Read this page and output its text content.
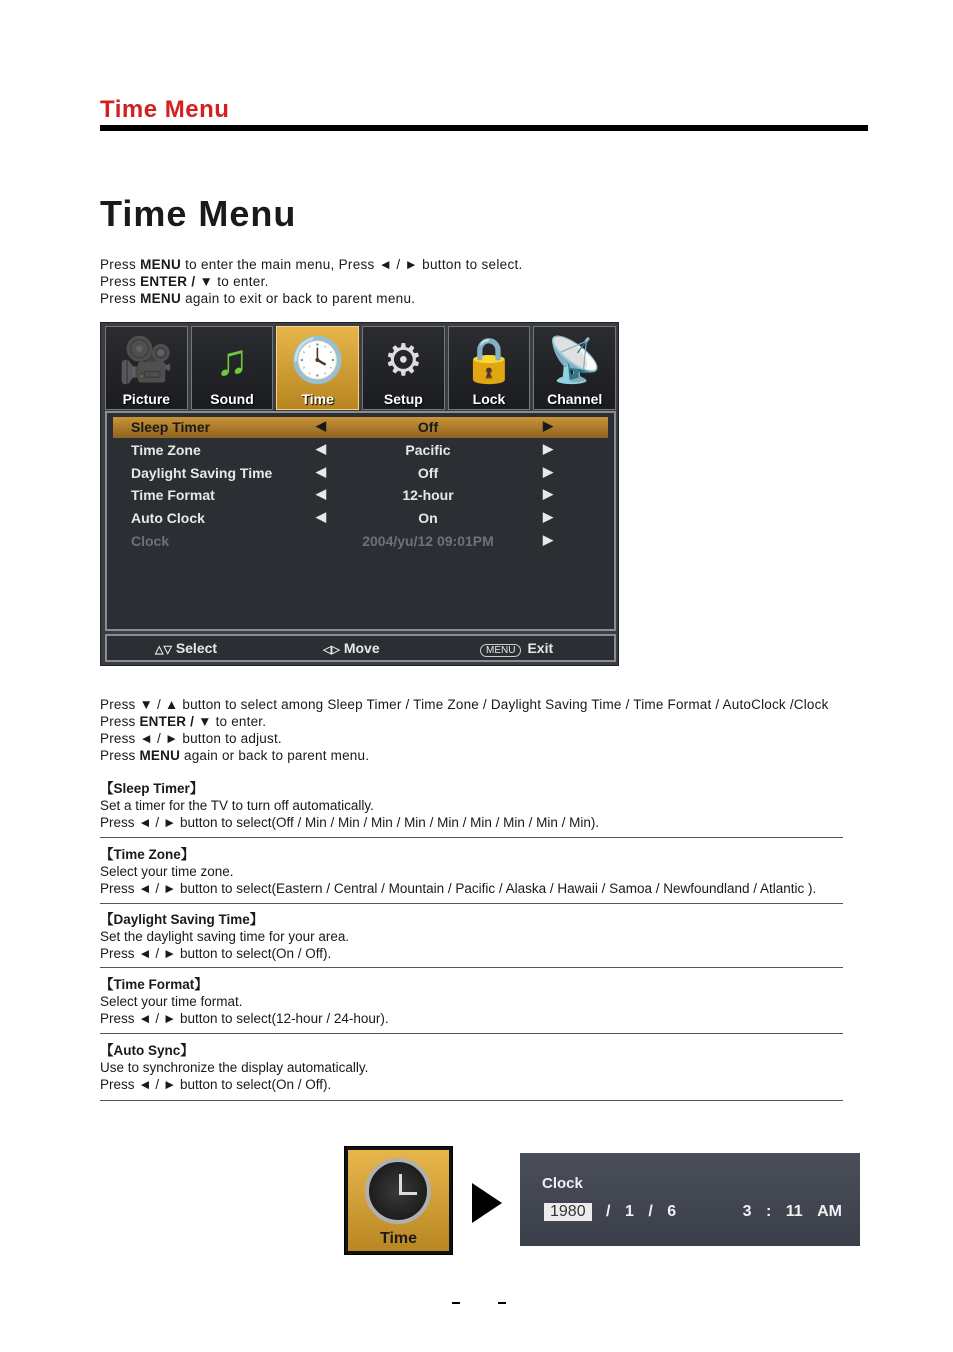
Time Menu
Time Menu
Press MENU to enter the main menu, Press ◄ / ► button to select.
Press ENTER / ▼ to enter.
Press MENU again to exit or back to parent menu.
🎥
Picture
♫
Sound
🕓
Time
⚙
Setup
🔒
Lock
📡
Channel
Sleep Timer	◀	Off	▶
Time Zone	◀	Pacific	▶
Daylight Saving Time	◀	Off	▶
Time Format	◀	12-hour	▶
Auto Clock	◀	On	▶
Clock	2004/yu/12 09:01PM	▶
△▽ Select	◁▷ Move	MENU Exit
Press ▼ / ▲ button to select among Sleep Timer / Time Zone / Daylight Saving Time / Time Format / AutoClock /Clock
Press ENTER / ▼ to enter.
Press ◄ / ► button to adjust.
Press MENU again or back to parent menu.
【Sleep Timer】
Set a timer for the TV to turn off automatically.
Press ◄ / ► button to select(Off / Min / Min / Min / Min / Min / Min / Min / Min / Min).
【Time Zone】
Select your time zone.
Press ◄ / ► button to select(Eastern / Central / Mountain / Pacific / Alaska / Hawaii / Samoa / Newfoundland / Atlantic ).
【Daylight Saving Time】
Set the daylight saving time for your area.
Press ◄ / ► button to select(On / Off).
【Time Format】
Select your time format.
Press ◄ / ► button to select(12-hour / 24-hour).
【Auto Sync】
Use to synchronize the display automatically.
Press ◄ / ► button to select(On / Off).
Time
Clock
1980 / 1 / 6	3 : 11 AM
